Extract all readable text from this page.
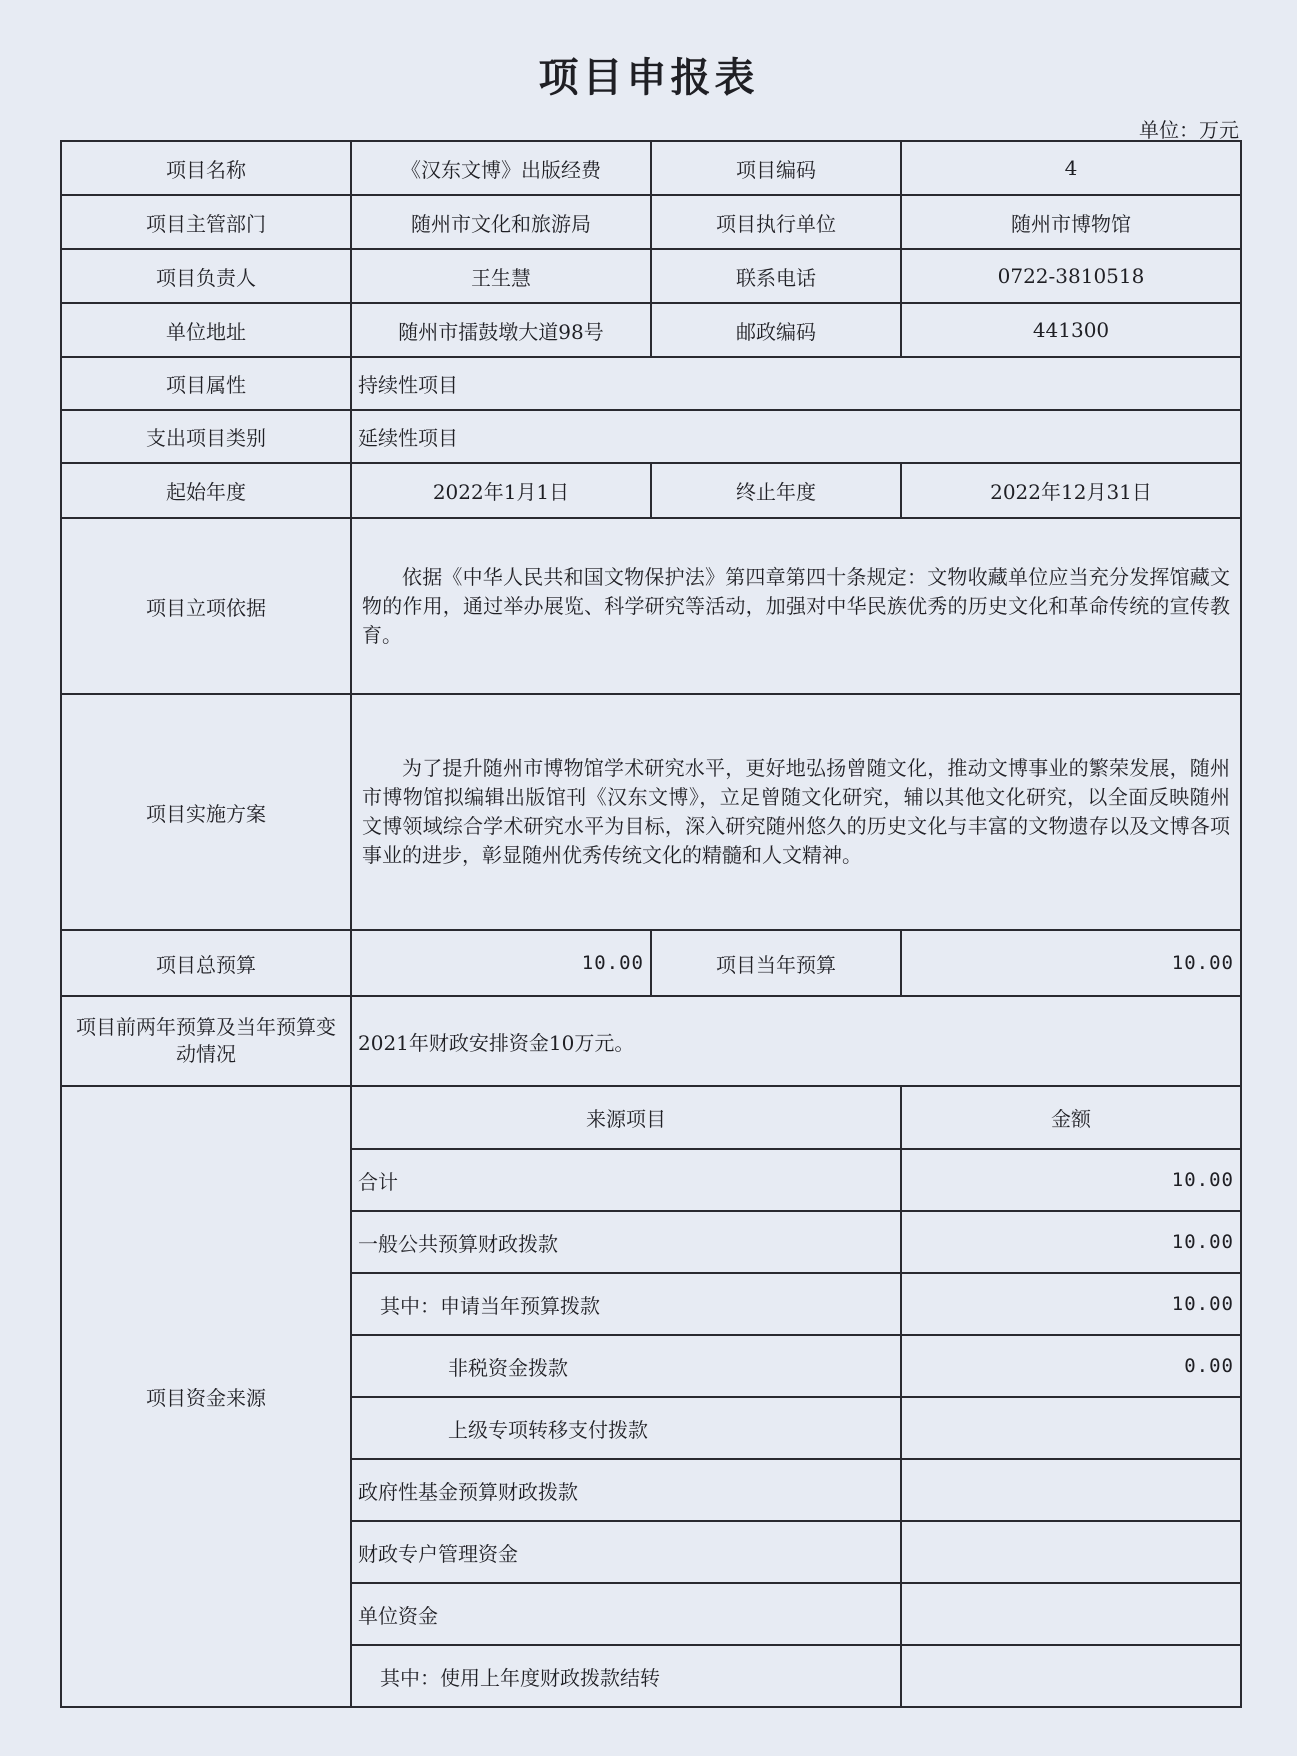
项目申报表
单位：万元
项目名称	《汉东文博》出版经费	项目编码	4
项目主管部门	随州市文化和旅游局	项目执行单位	随州市博物馆
项目负责人	王生慧	联系电话	0722-3810518
单位地址	随州市擂鼓墩大道98号	邮政编码	441300
项目属性	持续性项目		
支出项目类别	延续性项目		
起始年度	2022年1月1日	终止年度	2022年12月31日
项目立项依据	依据《中华人民共和国文物保护法》第四章第四十条规定：文物收藏单位应当充分发挥馆藏文物的作用，通过举办展览、科学研究等活动，加强对中华民族优秀的历史文化和革命传统的宣传教育。		

项目实施方案	为了提升随州市博物馆学术研究水平，更好地弘扬曾随文化，推动文博事业的繁荣发展，随州市博物馆拟编辑出版馆刊《汉东文博》，立足曾随文化研究，辅以其他文化研究，以全面反映随州文博领域综合学术研究水平为目标，深入研究随州悠久的历史文化与丰富的文物遗存以及文博各项事业的进步，彰显随州优秀传统文化的精髓和人文精神。		

项目总预算	10.00	项目当年预算	10.00
项目前两年预算及当年预算变动情况	2021年财政安排资金10万元。		
项目资金来源	来源项目		金额
	合计		10.00
	一般公共预算财政拨款		10.00
	其中：申请当年预算拨款		10.00
	非税资金拨款		0.00
	上级专项转移支付拨款		
	政府性基金预算财政拨款		
	财政专户管理资金		
	单位资金		
	其中：使用上年度财政拨款结转		
